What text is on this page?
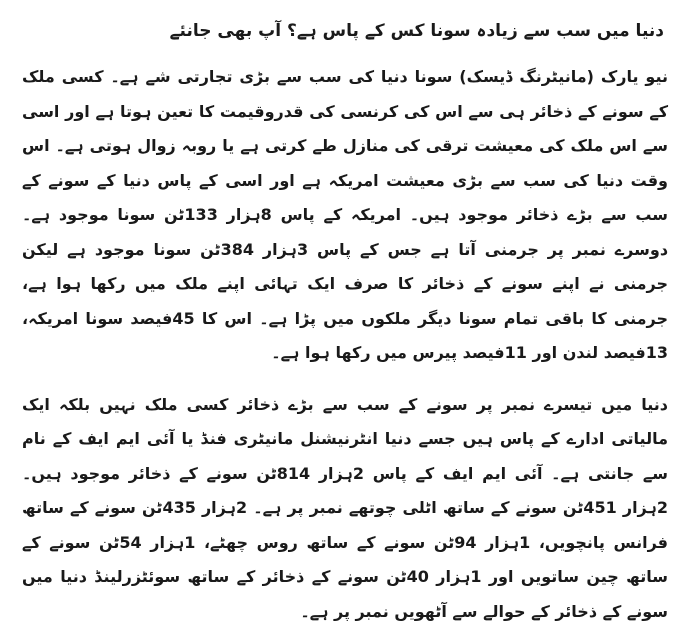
دنیا میں سب سے زیادہ سونا کس کے پاس ہے؟ آپ بھی جانئے

نیو یارک (مانیٹرنگ ڈیسک) سونا دنیا کی سب سے بڑی تجارتی شے ہے۔ کسی ملک کے سونے کے ذخائر ہی سے اس کی کرنسی کی قدروقیمت کا تعین ہوتا ہے اور اسی سے اس ملک کی معیشت ترقی کی منازل طے کرتی ہے یا روبہ زوال ہوتی ہے۔ اس وقت دنیا کی سب سے بڑی معیشت امریکہ ہے اور اسی کے پاس دنیا کے سونے کے سب سے بڑے ذخائر موجود ہیں۔ امریکہ کے پاس 8ہزار 133ٹن سونا موجود ہے۔ دوسرے نمبر پر جرمنی آتا ہے جس کے پاس 3ہزار 384ٹن سونا موجود ہے لیکن جرمنی نے اپنے سونے کے ذخائر کا صرف ایک تہائی اپنے ملک میں رکھا ہوا ہے، جرمنی کا باقی تمام سونا دیگر ملکوں میں پڑا ہے۔ اس کا 45فیصد سونا امریکہ، 13فیصد لندن اور 11فیصد پیرس میں رکھا ہوا ہے۔

دنیا میں تیسرے نمبر پر سونے کے سب سے بڑے ذخائر کسی ملک نہیں بلکہ ایک مالیاتی ادارے کے پاس ہیں جسے دنیا انٹرنیشنل مانیٹری فنڈ یا آئی ایم ایف کے نام سے جانتی ہے۔ آئی ایم ایف کے پاس 2ہزار 814ٹن سونے کے ذخائر موجود ہیں۔ 2ہزار 451ٹن سونے کے ساتھ اٹلی چوتھے نمبر پر ہے۔ 2ہزار 435ٹن سونے کے ساتھ فرانس پانچویں، 1ہزار 94ٹن سونے کے ساتھ روس چھٹے، 1ہزار 54ٹن سونے کے ساتھ چین ساتویں اور 1ہزار 40ٹن سونے کے ذخائر کے ساتھ سوئٹزرلینڈ دنیا میں سونے کے ذخائر کے حوالے سے آٹھویں نمبر پر ہے۔
